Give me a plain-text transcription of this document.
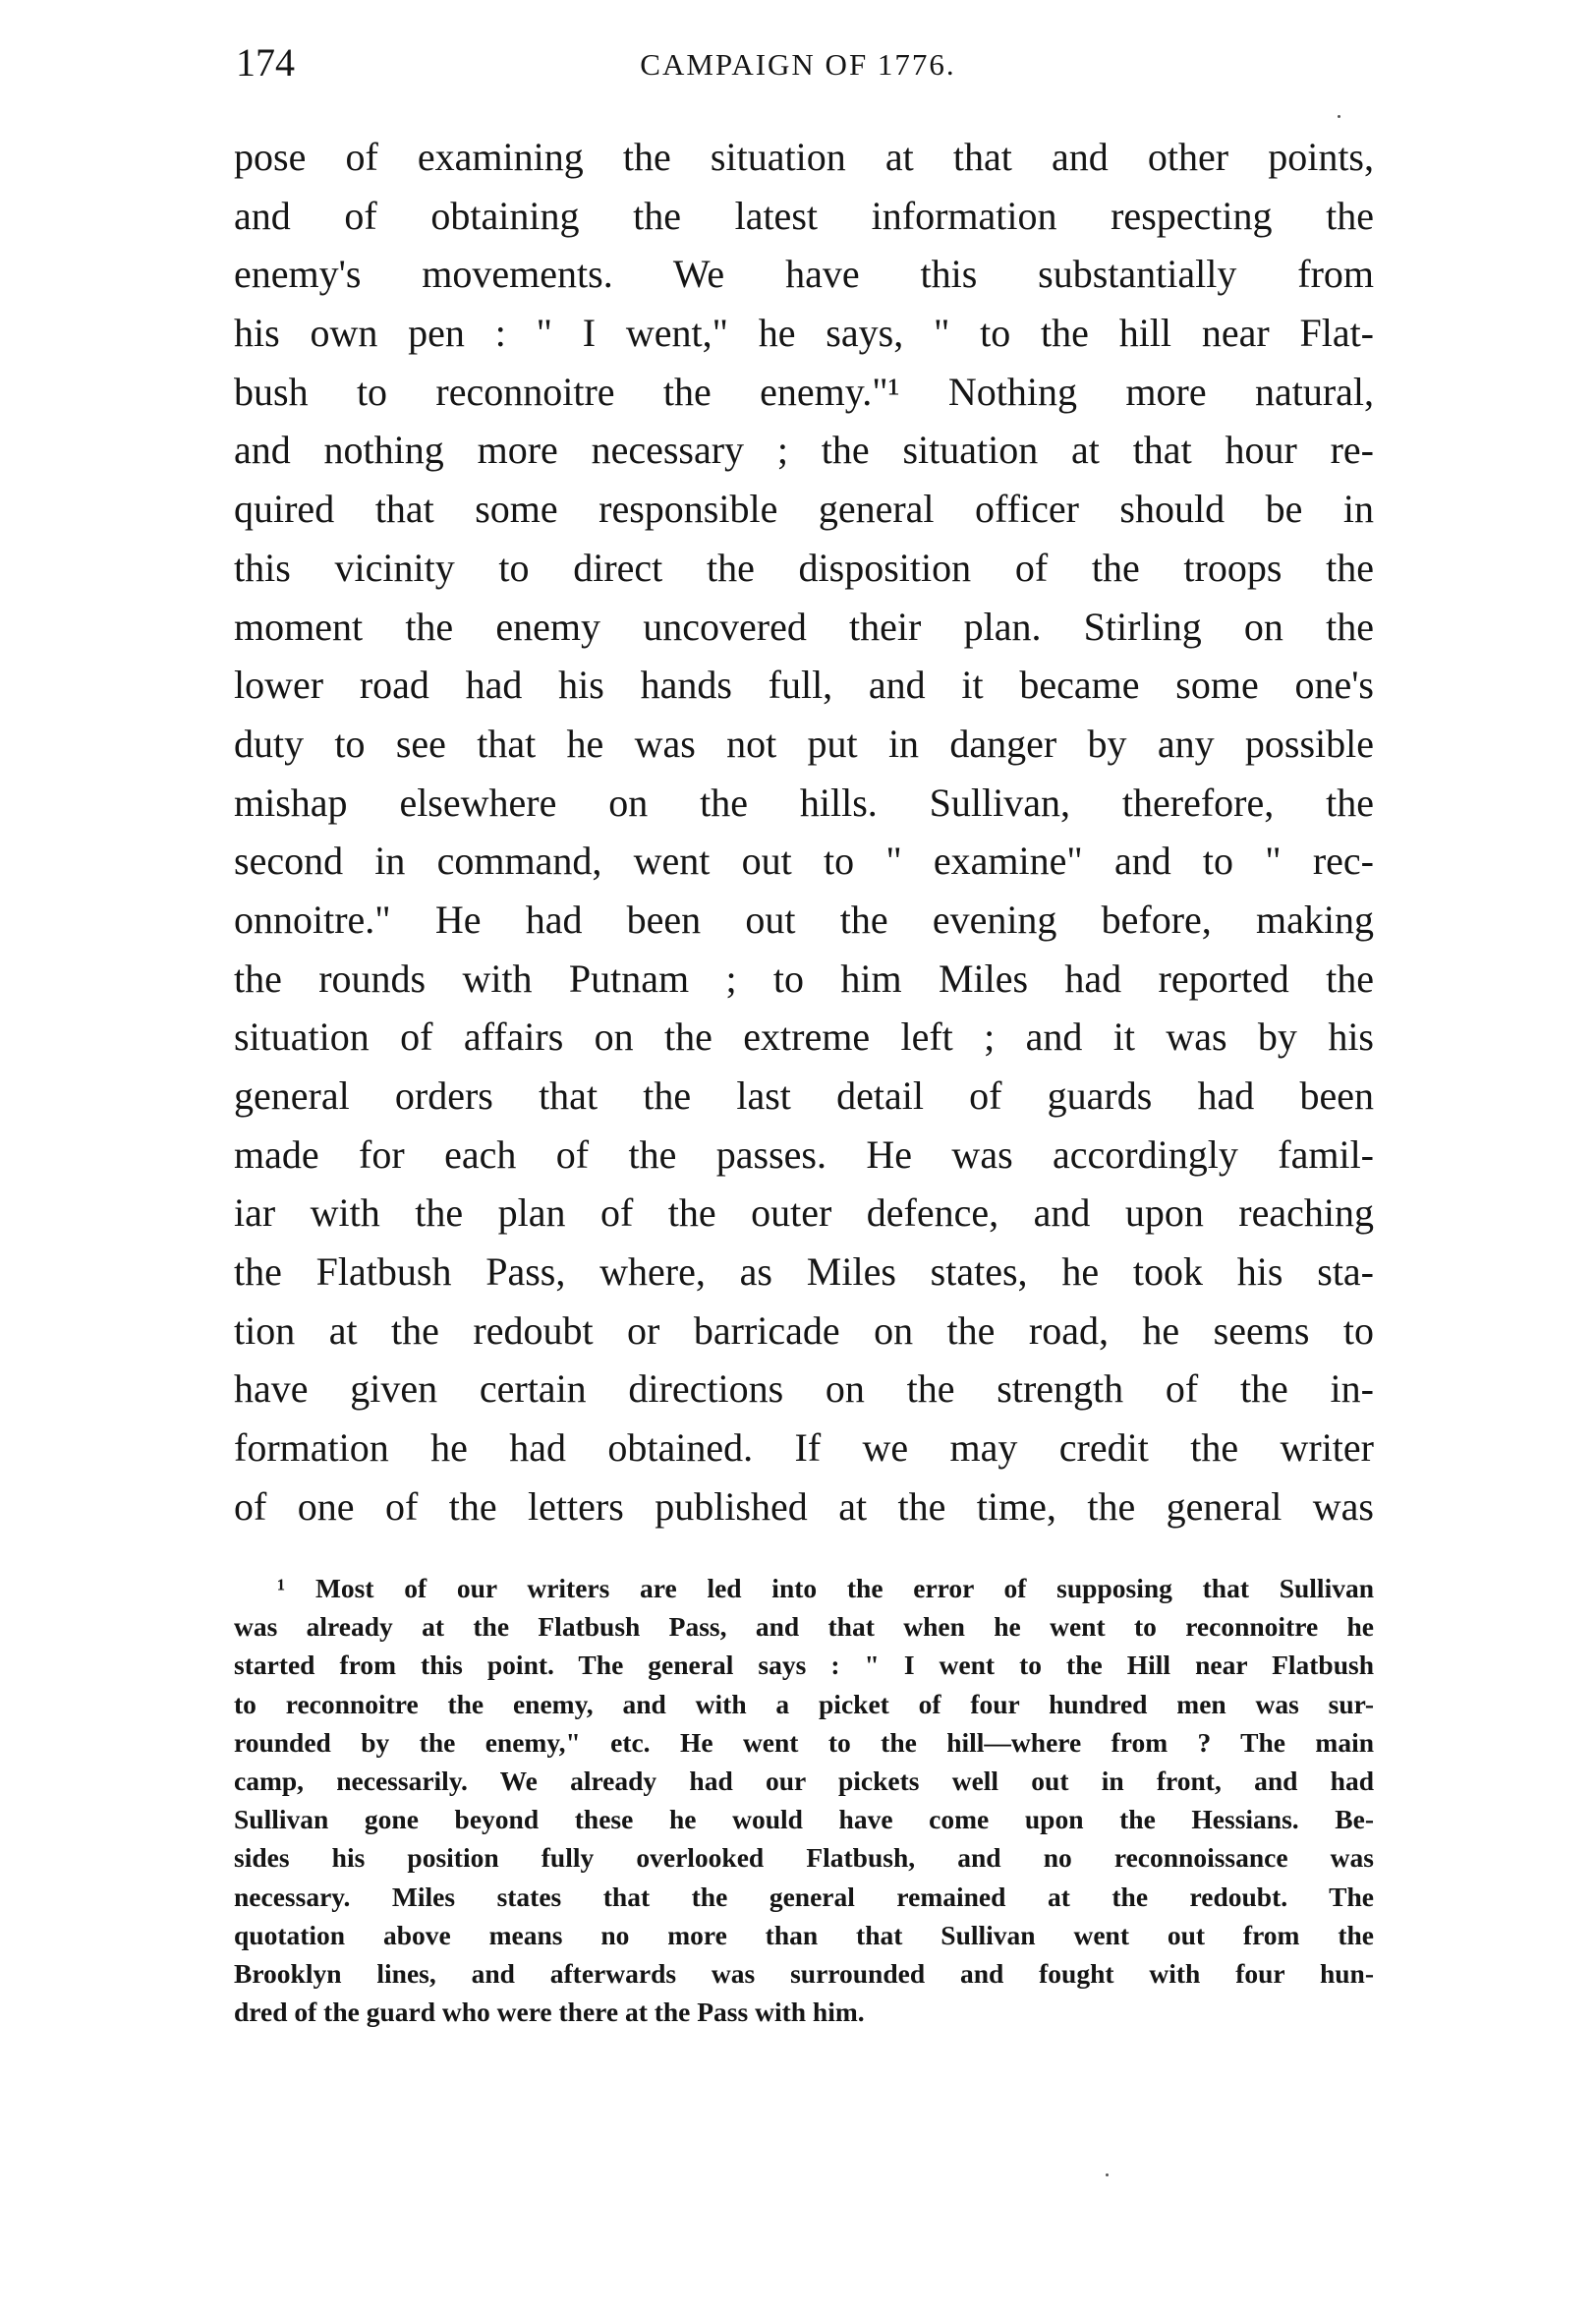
174	CAMPAIGN OF 1776.
pose of examining the situation at that and other points,
and of obtaining the latest information respecting the
enemy's movements. We have this substantially from
his own pen : " I went," he says, " to the hill near Flat-
bush to reconnoitre the enemy."¹ Nothing more natural,
and nothing more necessary ; the situation at that hour re-
quired that some responsible general officer should be in
this vicinity to direct the disposition of the troops the
moment the enemy uncovered their plan. Stirling on the
lower road had his hands full, and it became some one's
duty to see that he was not put in danger by any possible
mishap elsewhere on the hills. Sullivan, therefore, the
second in command, went out to " examine" and to " rec-
onnoitre." He had been out the evening before, making
the rounds with Putnam ; to him Miles had reported the
situation of affairs on the extreme left ; and it was by his
general orders that the last detail of guards had been
made for each of the passes. He was accordingly famil-
iar with the plan of the outer defence, and upon reaching
the Flatbush Pass, where, as Miles states, he took his sta-
tion at the redoubt or barricade on the road, he seems to
have given certain directions on the strength of the in-
formation he had obtained. If we may credit the writer
of one of the letters published at the time, the general was
¹ Most of our writers are led into the error of supposing that Sullivan
was already at the Flatbush Pass, and that when he went to reconnoitre he
started from this point. The general says : " I went to the Hill near Flatbush
to reconnoitre the enemy, and with a picket of four hundred men was sur-
rounded by the enemy," etc. He went to the hill—where from ? The main
camp, necessarily. We already had our pickets well out in front, and had
Sullivan gone beyond these he would have come upon the Hessians. Be-
sides his position fully overlooked Flatbush, and no reconnoissance was
necessary. Miles states that the general remained at the redoubt. The
quotation above means no more than that Sullivan went out from the
Brooklyn lines, and afterwards was surrounded and fought with four hun-
dred of the guard who were there at the Pass with him.
